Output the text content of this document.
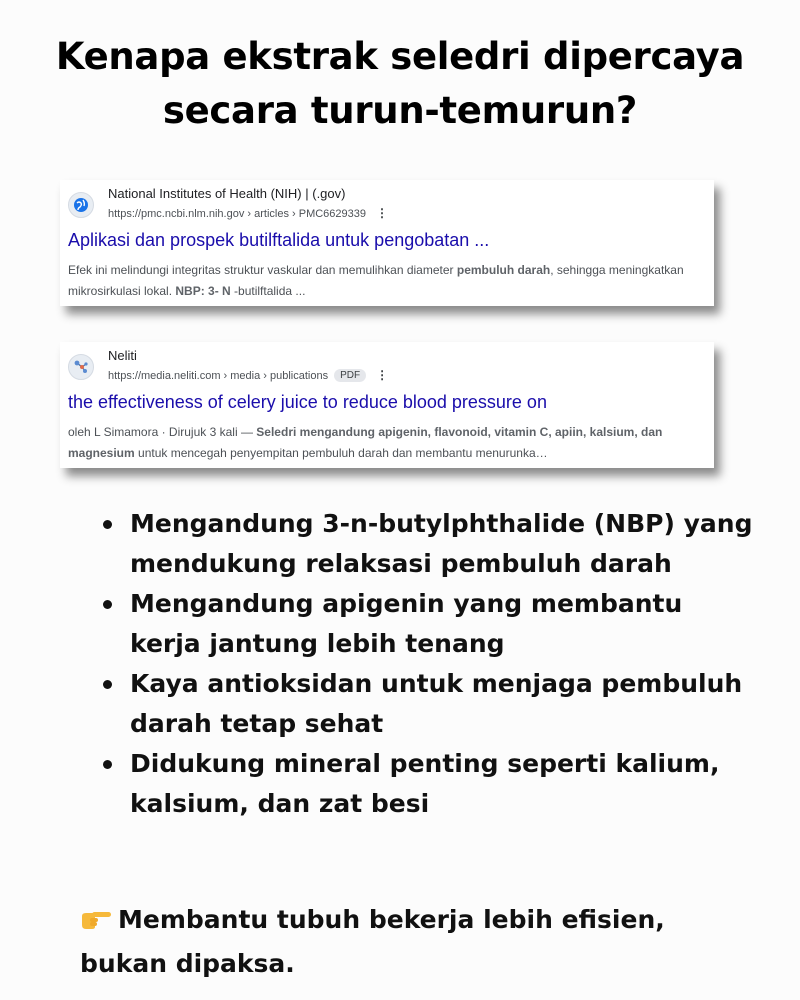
Kenapa ekstrak seledri dipercaya
secara turun-temurun?
National Institutes of Health (NIH) | (.gov)
https://pmc.ncbi.nlm.nih.gov › articles › PMC6629339 ⋮
Aplikasi dan prospek butilftalida untuk pengobatan ...
Efek ini melindungi integritas struktur vaskular dan memulihkan diameter pembuluh darah, sehingga meningkatkan mikrosirkulasi lokal. NBP: 3- N -butilftalida ...
Neliti
https://media.neliti.com › media › publications PDF ⋮
the effectiveness of celery juice to reduce blood pressure on
oleh L Simamora · Dirujuk 3 kali — Seledri mengandung apigenin, flavonoid, vitamin C, apiin, kalsium, dan magnesium untuk mencegah penyempitan pembuluh darah dan membantu menurunka…
Mengandung 3-n-butylphthalide (NBP) yang mendukung relaksasi pembuluh darah
Mengandung apigenin yang membantu kerja jantung lebih tenang
Kaya antioksidan untuk menjaga pembuluh darah tetap sehat
Didukung mineral penting seperti kalium, kalsium, dan zat besi
Membantu tubuh bekerja lebih efisien, bukan dipaksa.
